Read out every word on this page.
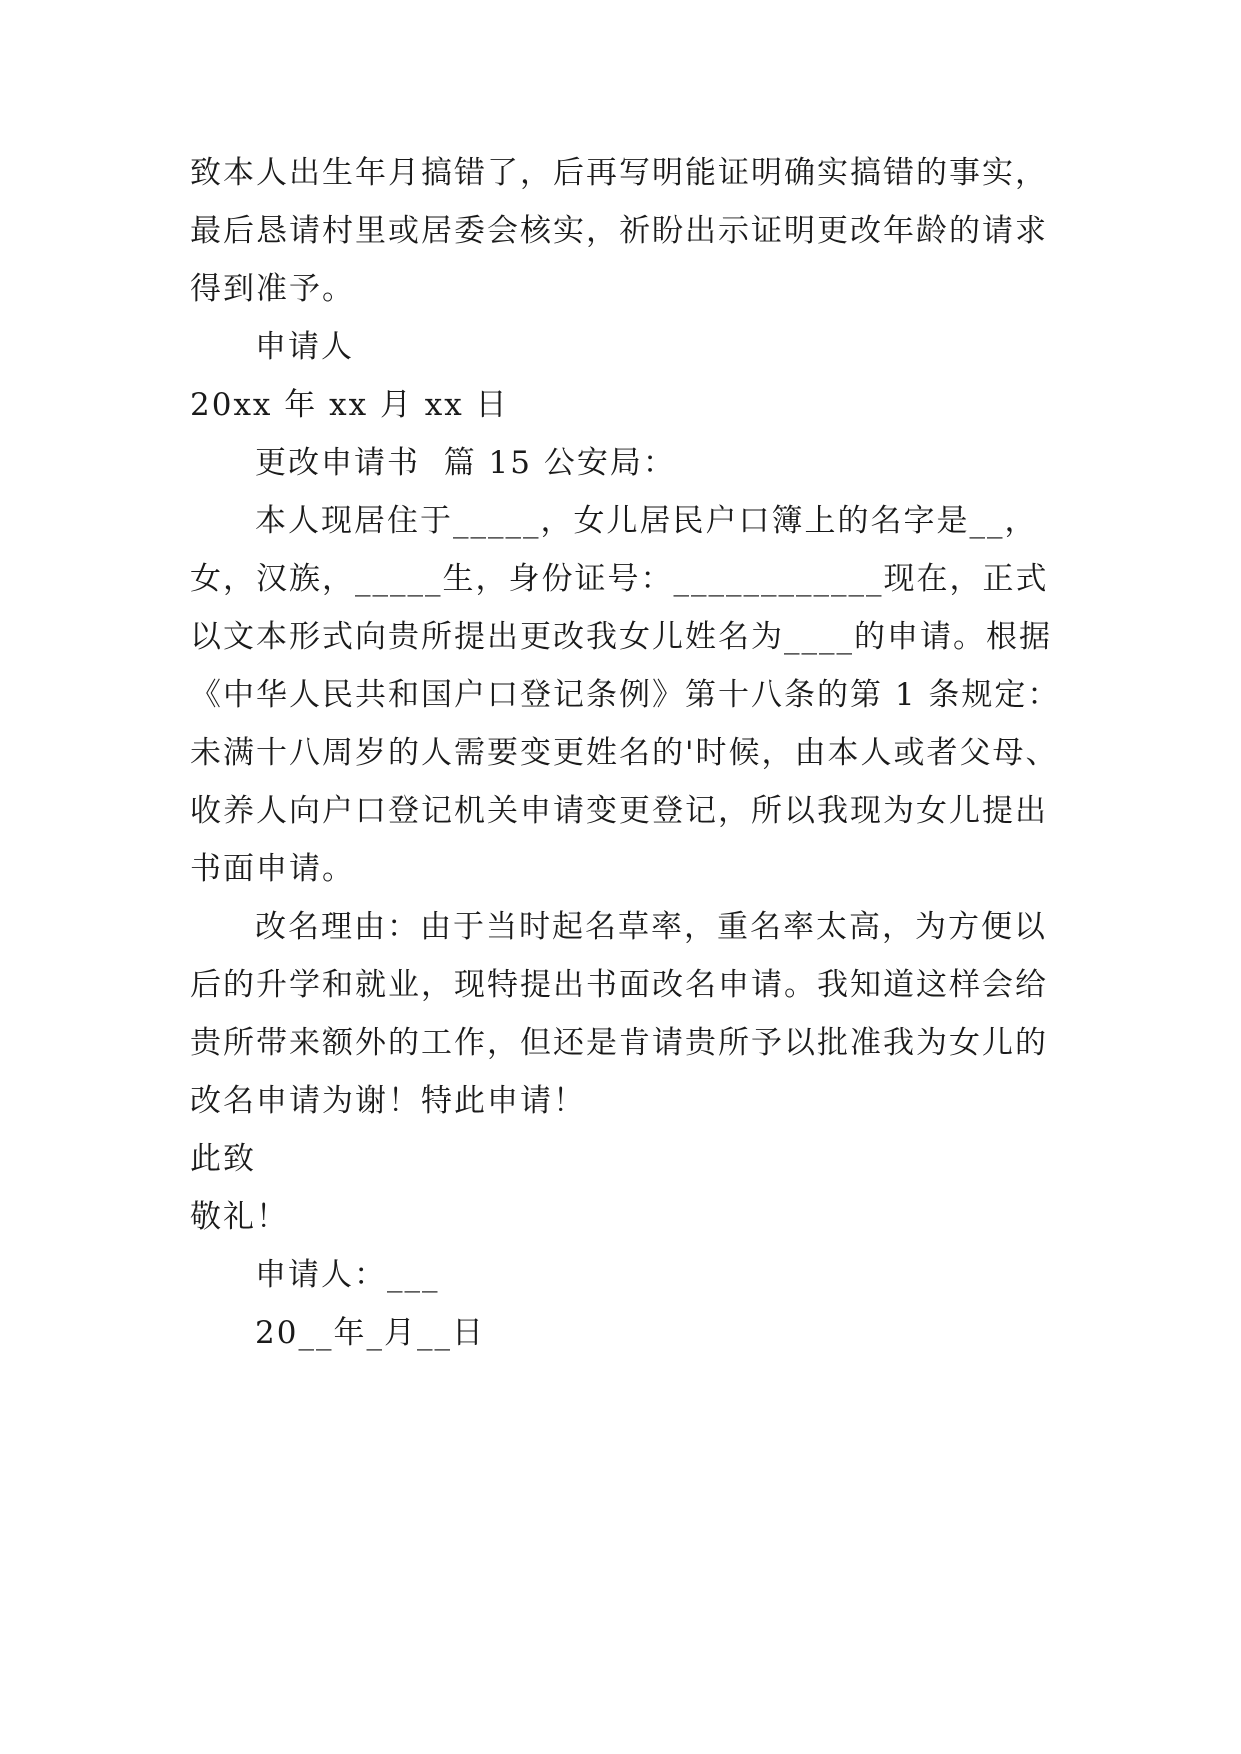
致本人出生年月搞错了，后再写明能证明确实搞错的事实，
最后恳请村里或居委会核实，祈盼出示证明更改年龄的请求
得到准予。
申请人
20xx 年 xx 月 xx 日
更改申请书  篇 15 公安局：
本人现居住于_____，女儿居民户口簿上的名字是__，
女，汉族，_____生，身份证号：____________现在，正式
以文本形式向贵所提出更改我女儿姓名为____的申请。根据
《中华人民共和国户口登记条例》第十八条的第 1 条规定：
未满十八周岁的人需要变更姓名的'时候，由本人或者父母、
收养人向户口登记机关申请变更登记，所以我现为女儿提出
书面申请。
改名理由：由于当时起名草率，重名率太高，为方便以
后的升学和就业，现特提出书面改名申请。我知道这样会给
贵所带来额外的工作，但还是肯请贵所予以批准我为女儿的
改名申请为谢！特此申请！
此致
敬礼！
申请人：___
20__年_月__日
